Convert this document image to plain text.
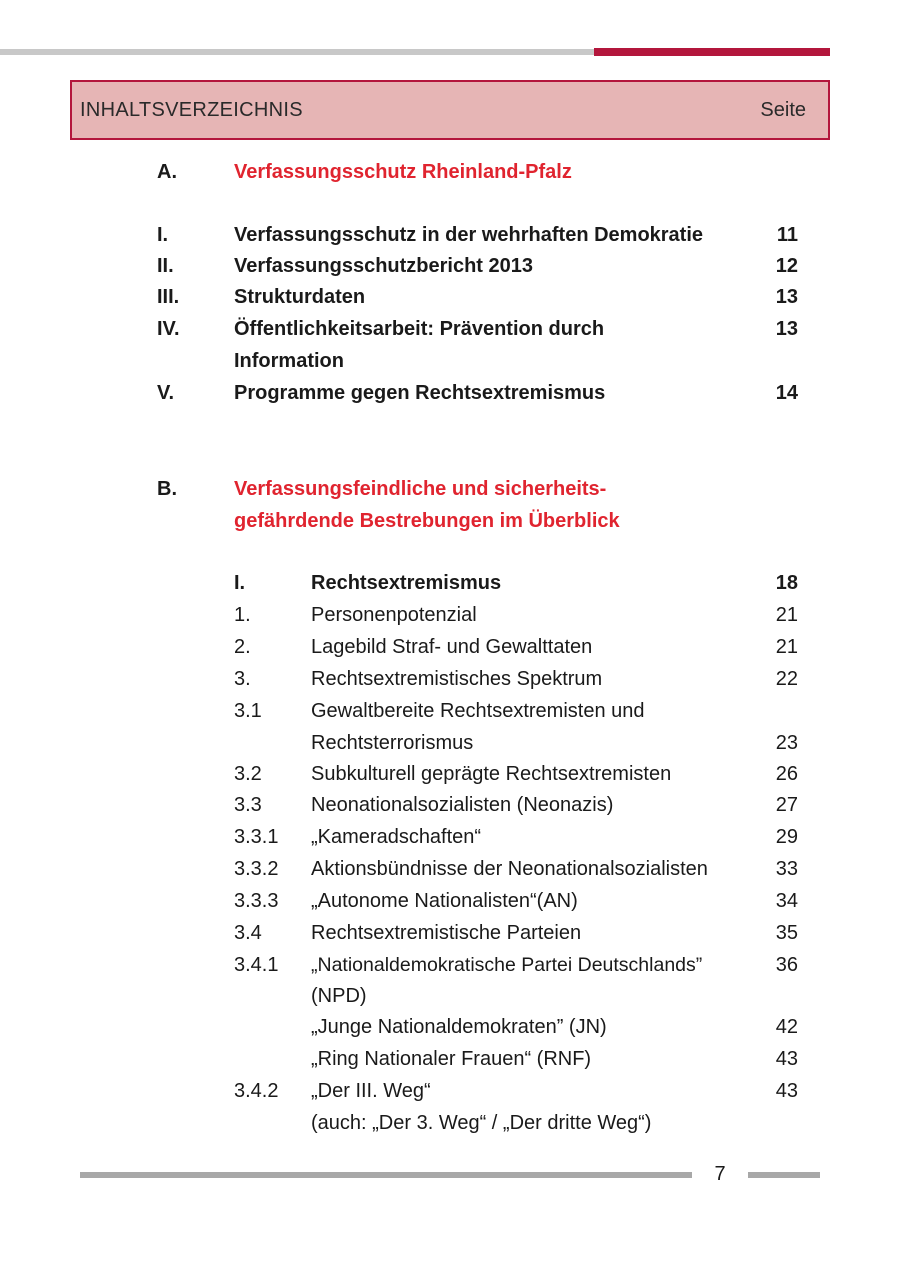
INHALTSVERZEICHNIS	Seite
A.	Verfassungsschutz Rheinland-Pfalz
I.	Verfassungsschutz in der wehrhaften Demokratie	11
II.	Verfassungsschutzbericht 2013	12
III.	Strukturdaten	13
IV.	Öffentlichkeitsarbeit: Prävention durch	13
Information
V.	Programme gegen Rechtsextremismus	14
B.	Verfassungsfeindliche und sicherheits-
gefährdende Bestrebungen im Überblick
I.	Rechtsextremismus	18
1.	Personenpotenzial	21
2.	Lagebild Straf- und Gewalttaten	21
3.	Rechtsextremistisches Spektrum	22
3.1 Gewaltbereite Rechtsextremisten und
Rechtsterrorismus	23
3.2 Subkulturell geprägte Rechtsextremisten	26
3.3 Neonationalsozialisten (Neonazis)	27
3.3.1 „Kameradschaften“	29
3.3.2 Aktionsbündnisse der Neonationalsozialisten	33
3.3.3 „Autonome Nationalisten“(AN)	34
3.4 Rechtsextremistische Parteien	35
3.4.1 „Nationaldemokratische Partei Deutschlands”	36
(NPD)
„Junge Nationaldemokraten” (JN)	42
„Ring Nationaler Frauen“ (RNF)	43
3.4.2 „Der III. Weg“	43
(auch: „Der 3. Weg“ / „Der dritte Weg“)
7
